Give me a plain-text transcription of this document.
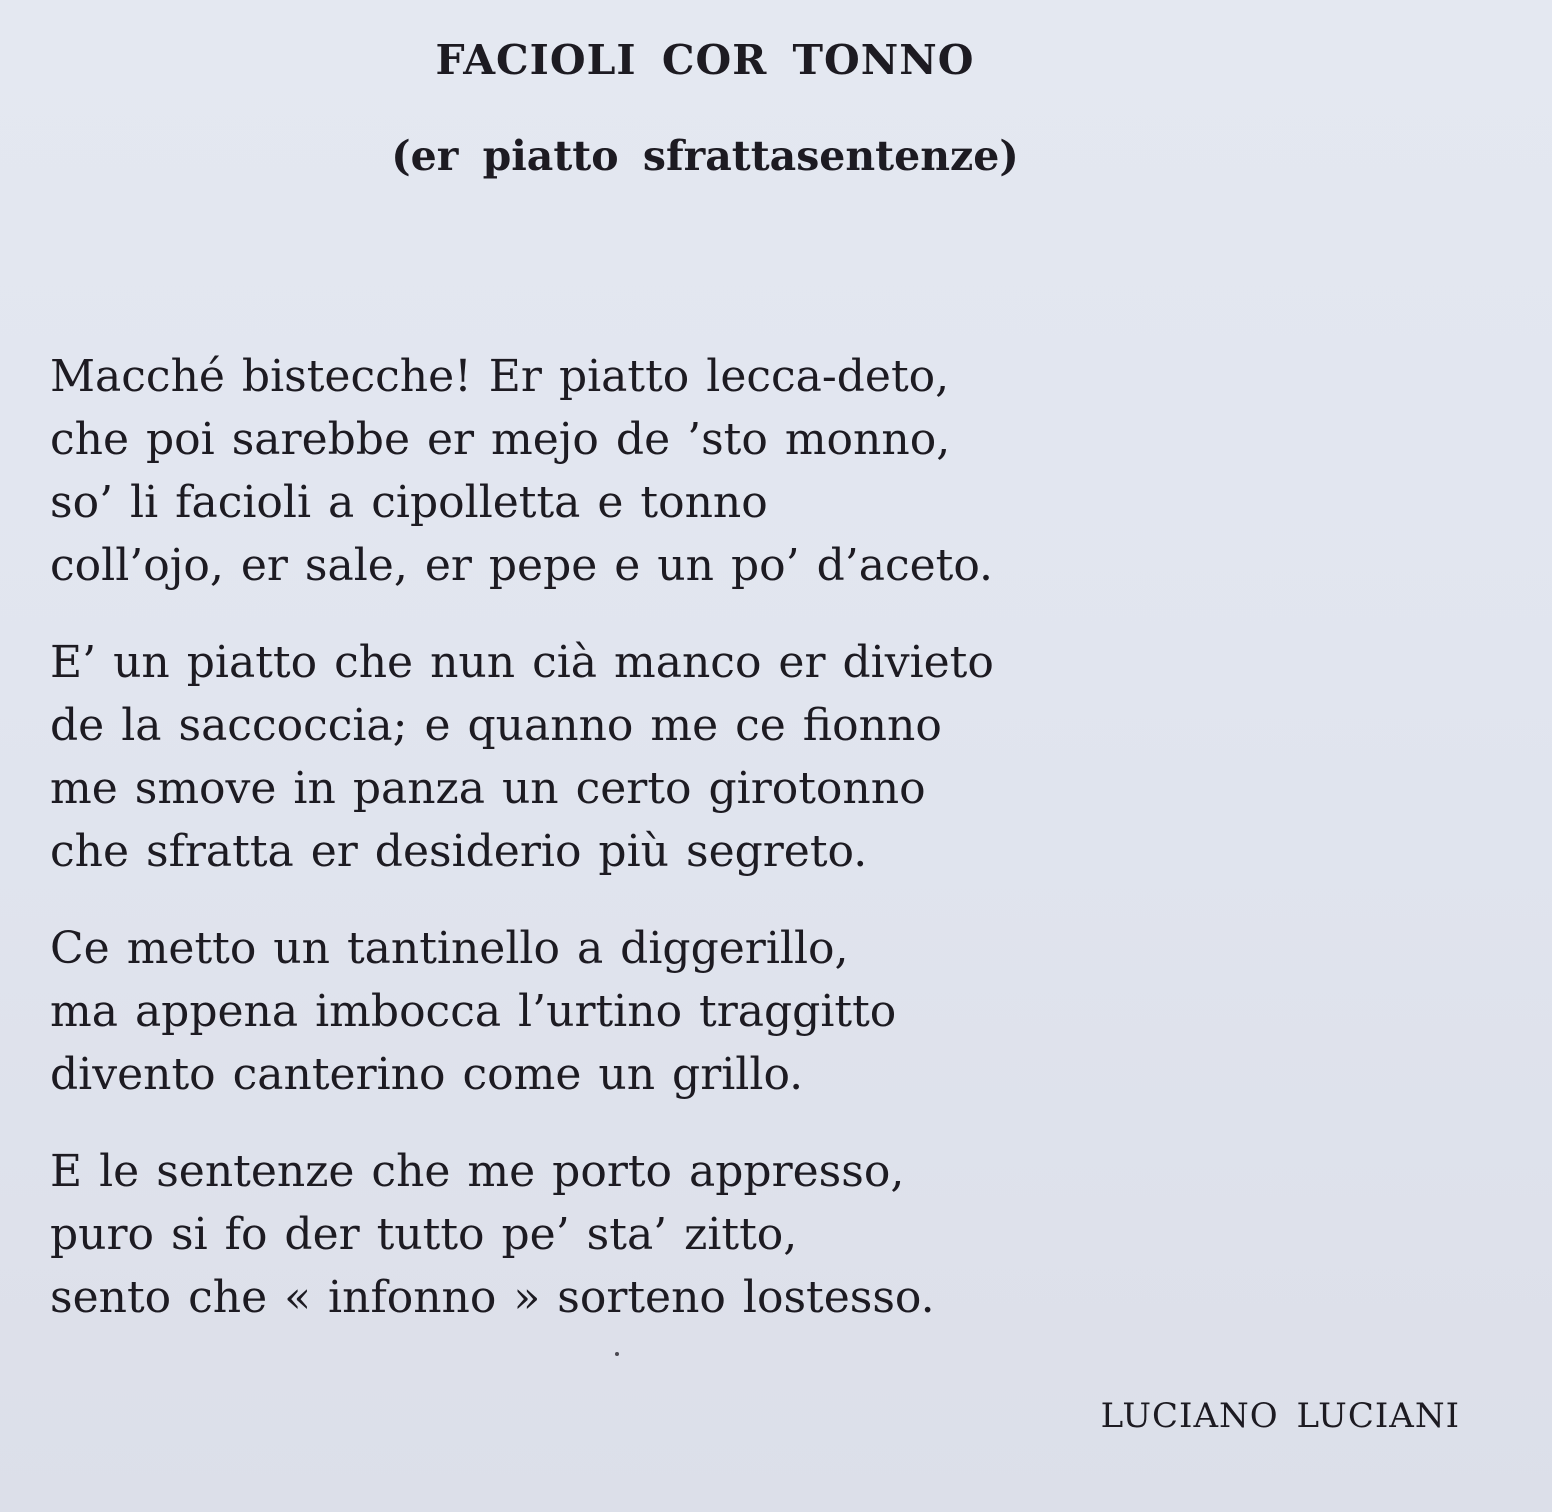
FACIOLI COR TONNO
(er piatto sfrattasentenze)
Macché bistecche! Er piatto lecca-deto,
che poi sarebbe er mejo de ’sto monno,
so’ li facioli a cipolletta e tonno
coll’ojo, er sale, er pepe e un po’ d’aceto.
E’ un piatto che nun cià manco er divieto
de la saccoccia; e quanno me ce fionno
me smove in panza un certo girotonno
che sfratta er desiderio più segreto.
Ce metto un tantinello a diggerillo,
ma appena imbocca l’urtino traggitto
divento canterino come un grillo.
E le sentenze che me porto appresso,
puro si fo der tutto pe’ sta’ zitto,
sento che « infonno » sorteno lostesso.

LUCIANO LUCIANI
